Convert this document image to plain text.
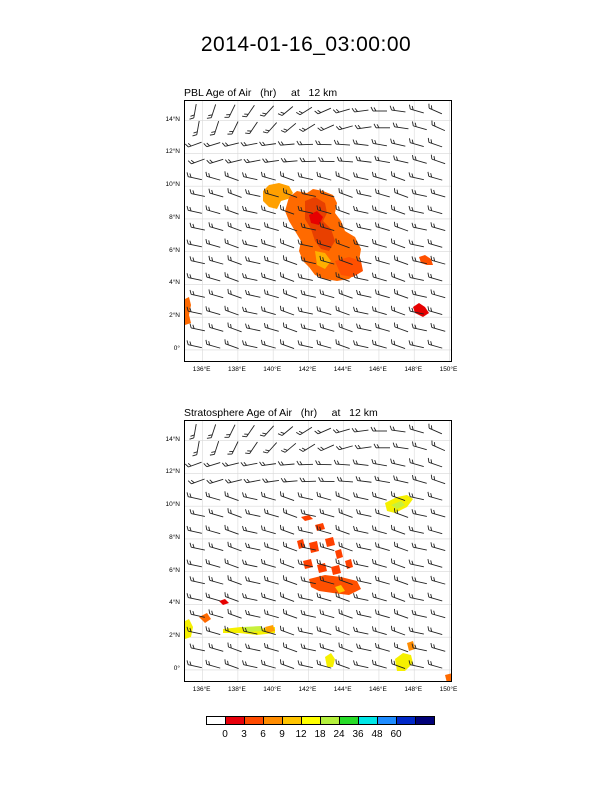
2014-01-16_03:00:00

PBL Age of Air   (hr)     at   12 km

14°N
12°N
10°N
8°N
6°N
4°N
2°N
0°
136°E	138°E	140°E	142°E	144°E	146°E	148°E	150°E

Stratosphere Age of Air   (hr)     at   12 km

14°N
12°N
10°N
8°N
6°N
4°N
2°N
0°
136°E	138°E	140°E	142°E	144°E	146°E	148°E	150°E
0	3	6	9	12 18 24 36 48 60
